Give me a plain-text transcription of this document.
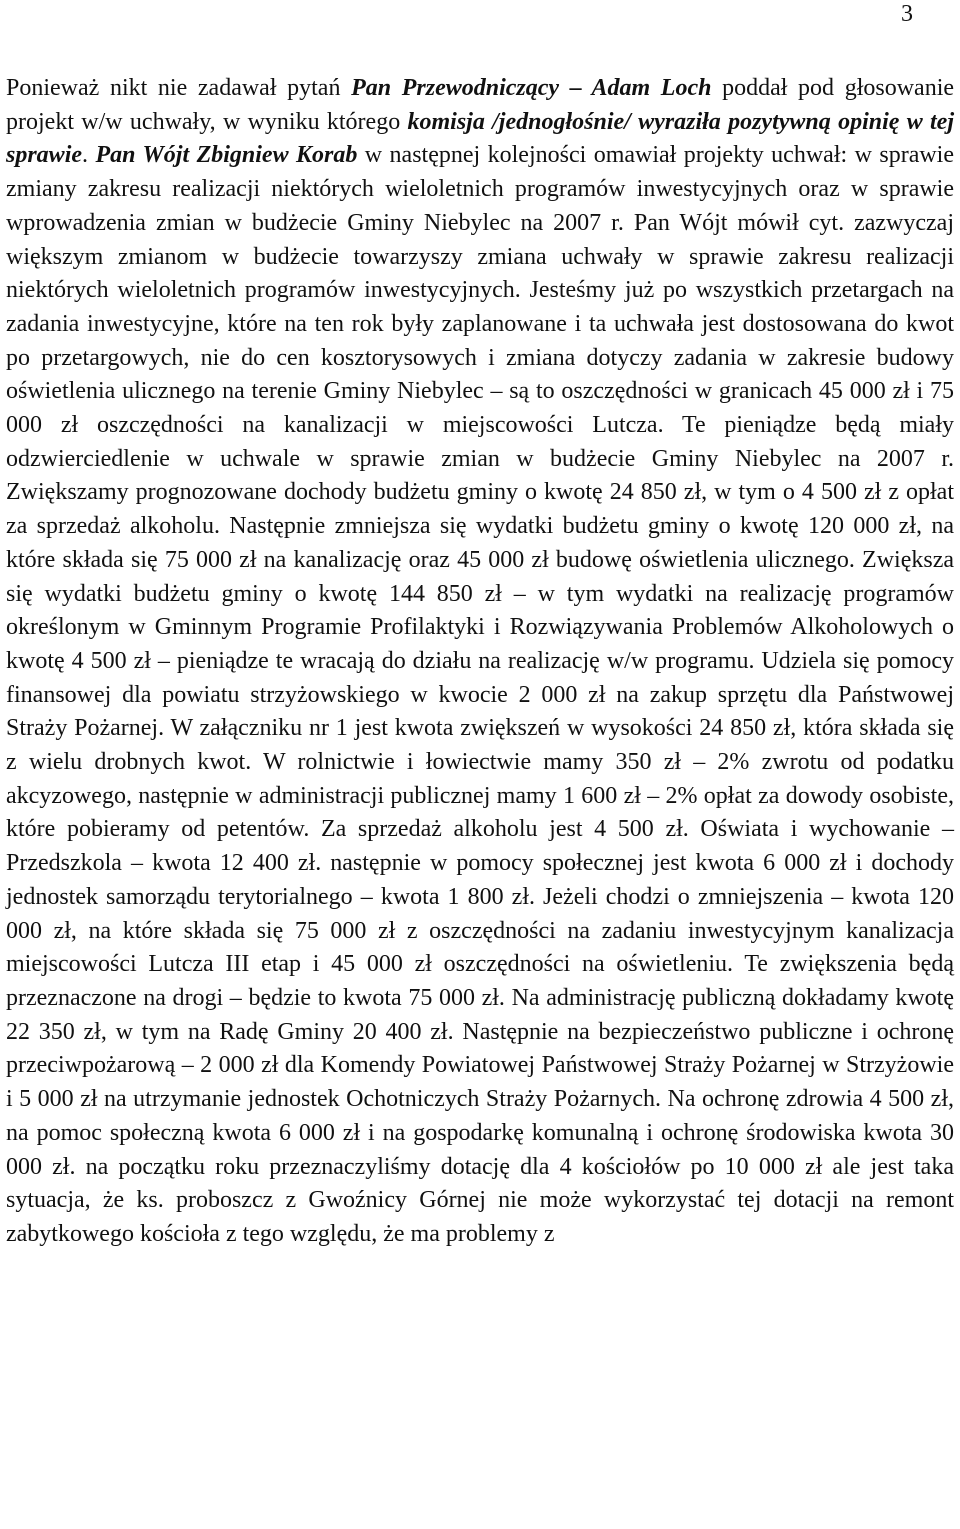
3

Ponieważ nikt nie zadawał pytań Pan Przewodniczący – Adam Loch poddał pod głosowanie projekt w/w uchwały, w wyniku którego komisja /jednogłośnie/ wyraziła pozytywną opinię w tej sprawie. Pan Wójt Zbigniew Korab w następnej kolejności omawiał projekty uchwał: w sprawie zmiany zakresu realizacji niektórych wieloletnich programów inwestycyjnych oraz w sprawie wprowadzenia zmian w budżecie Gminy Niebylec na 2007 r. Pan Wójt mówił cyt. zazwyczaj większym zmianom w budżecie towarzyszy zmiana uchwały w sprawie zakresu realizacji niektórych wieloletnich programów inwestycyjnych. Jesteśmy już po wszystkich przetargach na zadania inwestycyjne, które na ten rok były zaplanowane i ta uchwała jest dostosowana do kwot po przetargowych, nie do cen kosztorysowych i zmiana dotyczy zadania w zakresie budowy oświetlenia ulicznego na terenie Gminy Niebylec – są to oszczędności w granicach 45 000 zł i 75 000 zł oszczędności na kanalizacji w miejscowości Lutcza. Te pieniądze będą miały odzwierciedlenie w uchwale w sprawie zmian w budżecie Gminy Niebylec na 2007 r. Zwiększamy prognozowane dochody budżetu gminy o kwotę 24 850 zł, w tym o 4 500 zł z opłat za sprzedaż alkoholu. Następnie zmniejsza się wydatki budżetu gminy o kwotę 120 000 zł, na które składa się 75 000 zł na kanalizację oraz 45 000 zł budowę oświetlenia ulicznego. Zwiększa się wydatki budżetu gminy o kwotę 144 850 zł – w tym wydatki na realizację programów określonym w Gminnym Programie Profilaktyki i Rozwiązywania Problemów Alkoholowych o kwotę 4 500 zł – pieniądze te wracają do działu na realizację w/w programu. Udziela się pomocy finansowej dla powiatu strzyżowskiego w kwocie 2 000 zł na zakup sprzętu dla Państwowej Straży Pożarnej. W załączniku nr 1 jest kwota zwiększeń w wysokości 24 850 zł, która składa się z wielu drobnych kwot. W rolnictwie i łowiectwie mamy 350 zł – 2% zwrotu od podatku akcyzowego, następnie w administracji publicznej mamy 1 600 zł – 2% opłat za dowody osobiste, które pobieramy od petentów. Za sprzedaż alkoholu jest 4 500 zł. Oświata i wychowanie – Przedszkola – kwota 12 400 zł. następnie w pomocy społecznej jest kwota 6 000 zł i dochody jednostek samorządu terytorialnego – kwota 1 800 zł. Jeżeli chodzi o zmniejszenia – kwota 120 000 zł, na które składa się 75 000 zł z oszczędności na zadaniu inwestycyjnym kanalizacja miejscowości Lutcza III etap i 45 000 zł oszczędności na oświetleniu. Te zwiększenia będą przeznaczone na drogi – będzie to kwota 75 000 zł. Na administrację publiczną dokładamy kwotę 22 350 zł, w tym na Radę Gminy 20 400 zł. Następnie na bezpieczeństwo publiczne i ochronę przeciwpożarową – 2 000 zł dla Komendy Powiatowej Państwowej Straży Pożarnej w Strzyżowie i 5 000 zł na utrzymanie jednostek Ochotniczych Straży Pożarnych. Na ochronę zdrowia 4 500 zł, na pomoc społeczną kwota 6 000 zł i na gospodarkę komunalną i ochronę środowiska kwota 30 000 zł. na początku roku przeznaczyliśmy dotację dla 4 kościołów po 10 000 zł ale jest taka sytuacja, że ks. proboszcz z Gwoźnicy Górnej nie może wykorzystać tej dotacji na remont zabytkowego kościoła z tego względu, że ma problemy z
